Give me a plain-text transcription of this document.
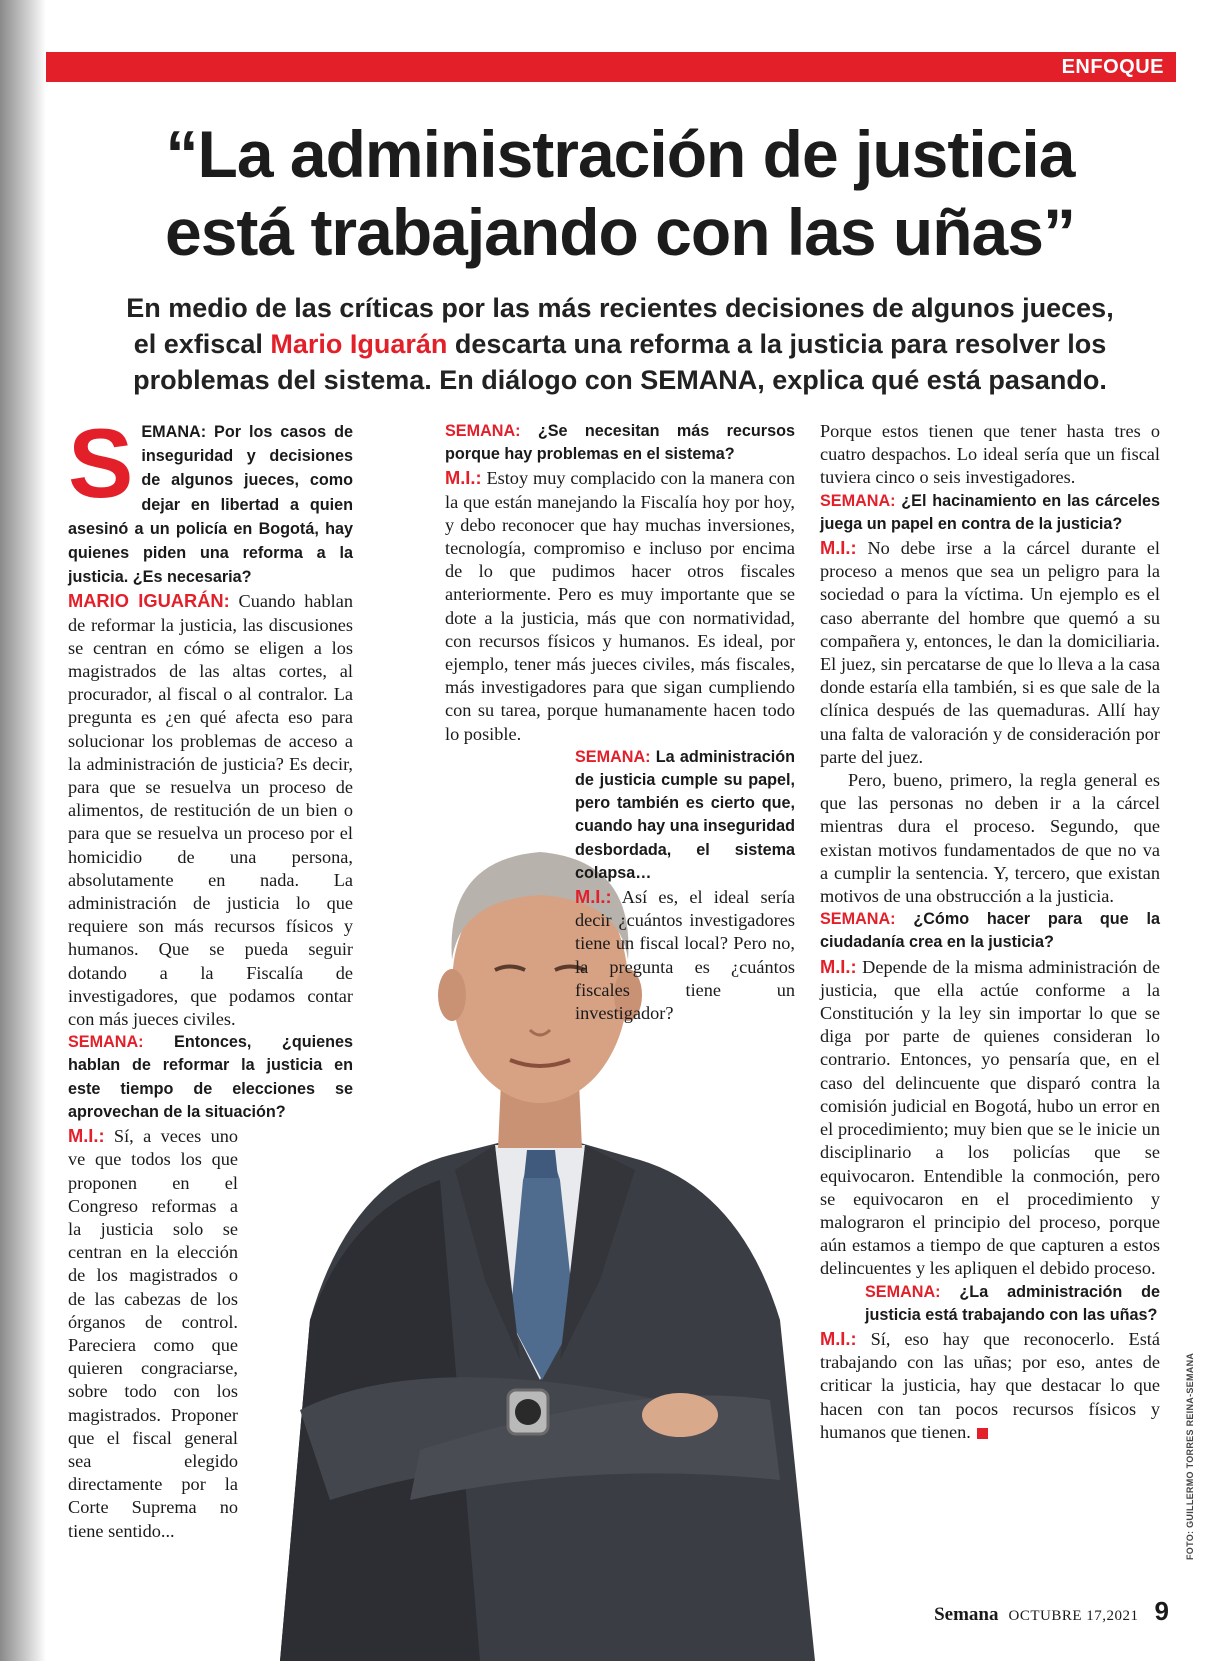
ENFOQUE
“La administración de justicia
está trabajando con las uñas”

En medio de las críticas por las más recientes decisiones de algunos jueces,
el exfiscal Mario Iguarán descarta una reforma a la justicia para resolver los
problemas del sistema. En diálogo con SEMANA, explica qué está pasando.

SEMANA: Por los casos de inseguridad y decisiones de algunos jueces, como dejar en libertad a quien asesinó a un policía en Bogotá, hay quienes piden una reforma a la justicia. ¿Es necesaria?

MARIO IGUARÁN: Cuando hablan de reformar la justicia, las discusiones se centran en cómo se eligen a los magistrados de las altas cortes, al procurador, al fiscal o al contralor. La pregunta es ¿en qué afecta eso para solucionar los problemas de acceso a la administración de justicia? Es decir, para que se resuelva un proceso de alimentos, de restitución de un bien o para que se resuelva un proceso por el homicidio de una persona, absolutamente en nada. La administración de justicia lo que requiere son más recursos físicos y humanos. Que se pueda seguir dotando a la Fiscalía de investigadores, que podamos contar con más jueces civiles.

SEMANA: Entonces, ¿quienes hablan de reformar la justicia en este tiempo de elecciones se aprovechan de la situación?

M.I.: Sí, a veces uno ve que todos los que proponen en el Congreso reformas a la justicia solo se centran en la elección de los magistrados o de las cabezas de los órganos de control. Pareciera como que quieren congraciarse, sobre todo con los magistrados. Proponer que el fiscal general sea elegido directamente por la Corte Suprema no tiene sentido...

SEMANA: ¿Se necesitan más recursos porque hay problemas en el sistema?

M.I.: Estoy muy complacido con la manera con la que están manejando la Fiscalía hoy por hoy, y debo reconocer que hay muchas inversiones, tecnología, compromiso e incluso por encima de lo que pudimos hacer otros fiscales anteriormente. Pero es muy importante que se dote a la justicia, más que con normatividad, con recursos físicos y humanos. Es ideal, por ejemplo, tener más jueces civiles, más fiscales, más investigadores para que sigan cumpliendo con su tarea, porque humanamente hacen todo lo posible.

SEMANA: La administración de justicia cumple su papel, pero también es cierto que, cuando hay una inseguridad desbordada, el sistema colapsa…

M.I.: Así es, el ideal sería decir ¿cuántos investigadores tiene un fiscal local? Pero no, la pregunta es ¿cuántos fiscales tiene un investigador?

Porque estos tienen que tener hasta tres o cuatro despachos. Lo ideal sería que un fiscal tuviera cinco o seis investigadores.

SEMANA: ¿El hacinamiento en las cárceles juega un papel en contra de la justicia?

M.I.: No debe irse a la cárcel durante el proceso a menos que sea un peligro para la sociedad o para la víctima. Un ejemplo es el caso aberrante del hombre que quemó a su compañera y, entonces, le dan la domiciliaria. El juez, sin percatarse de que lo lleva a la casa donde estaría ella también, si es que sale de la clínica después de las quemaduras. Allí hay una falta de valoración y de consideración por parte del juez.

Pero, bueno, primero, la regla general es que las personas no deben ir a la cárcel mientras dura el proceso. Segundo, que existan motivos fundamentados de que no va a cumplir la sentencia. Y, tercero, que existan motivos de una obstrucción a la justicia.

SEMANA: ¿Cómo hacer para que la ciudadanía crea en la justicia?

M.I.: Depende de la misma administración de justicia, que ella actúe conforme a la Constitución y la ley sin importar lo que se diga por parte de quienes consideran lo contrario. Entonces, yo pensaría que, en el caso del delincuente que disparó contra la comisión judicial en Bogotá, hubo un error en el procedimiento; muy bien que se le inicie un disciplinario a los policías que se equivocaron. Entendible la conmoción, pero se equivocaron en el procedimiento y malograron el principio del proceso, porque aún estamos a tiempo de que capturen a estos delincuentes y les apliquen el debido proceso.

SEMANA: ¿La administración de justicia está trabajando con las uñas?

M.I.: Sí, eso hay que reconocerlo. Está trabajando con las uñas; por eso, antes de criticar la justicia, hay que destacar lo que hacen con tan pocos recursos físicos y humanos que tienen.	FOTO: GUILLERMO TORRES REINA-SEMANA
Semana OCTUBRE 17,2021 9
